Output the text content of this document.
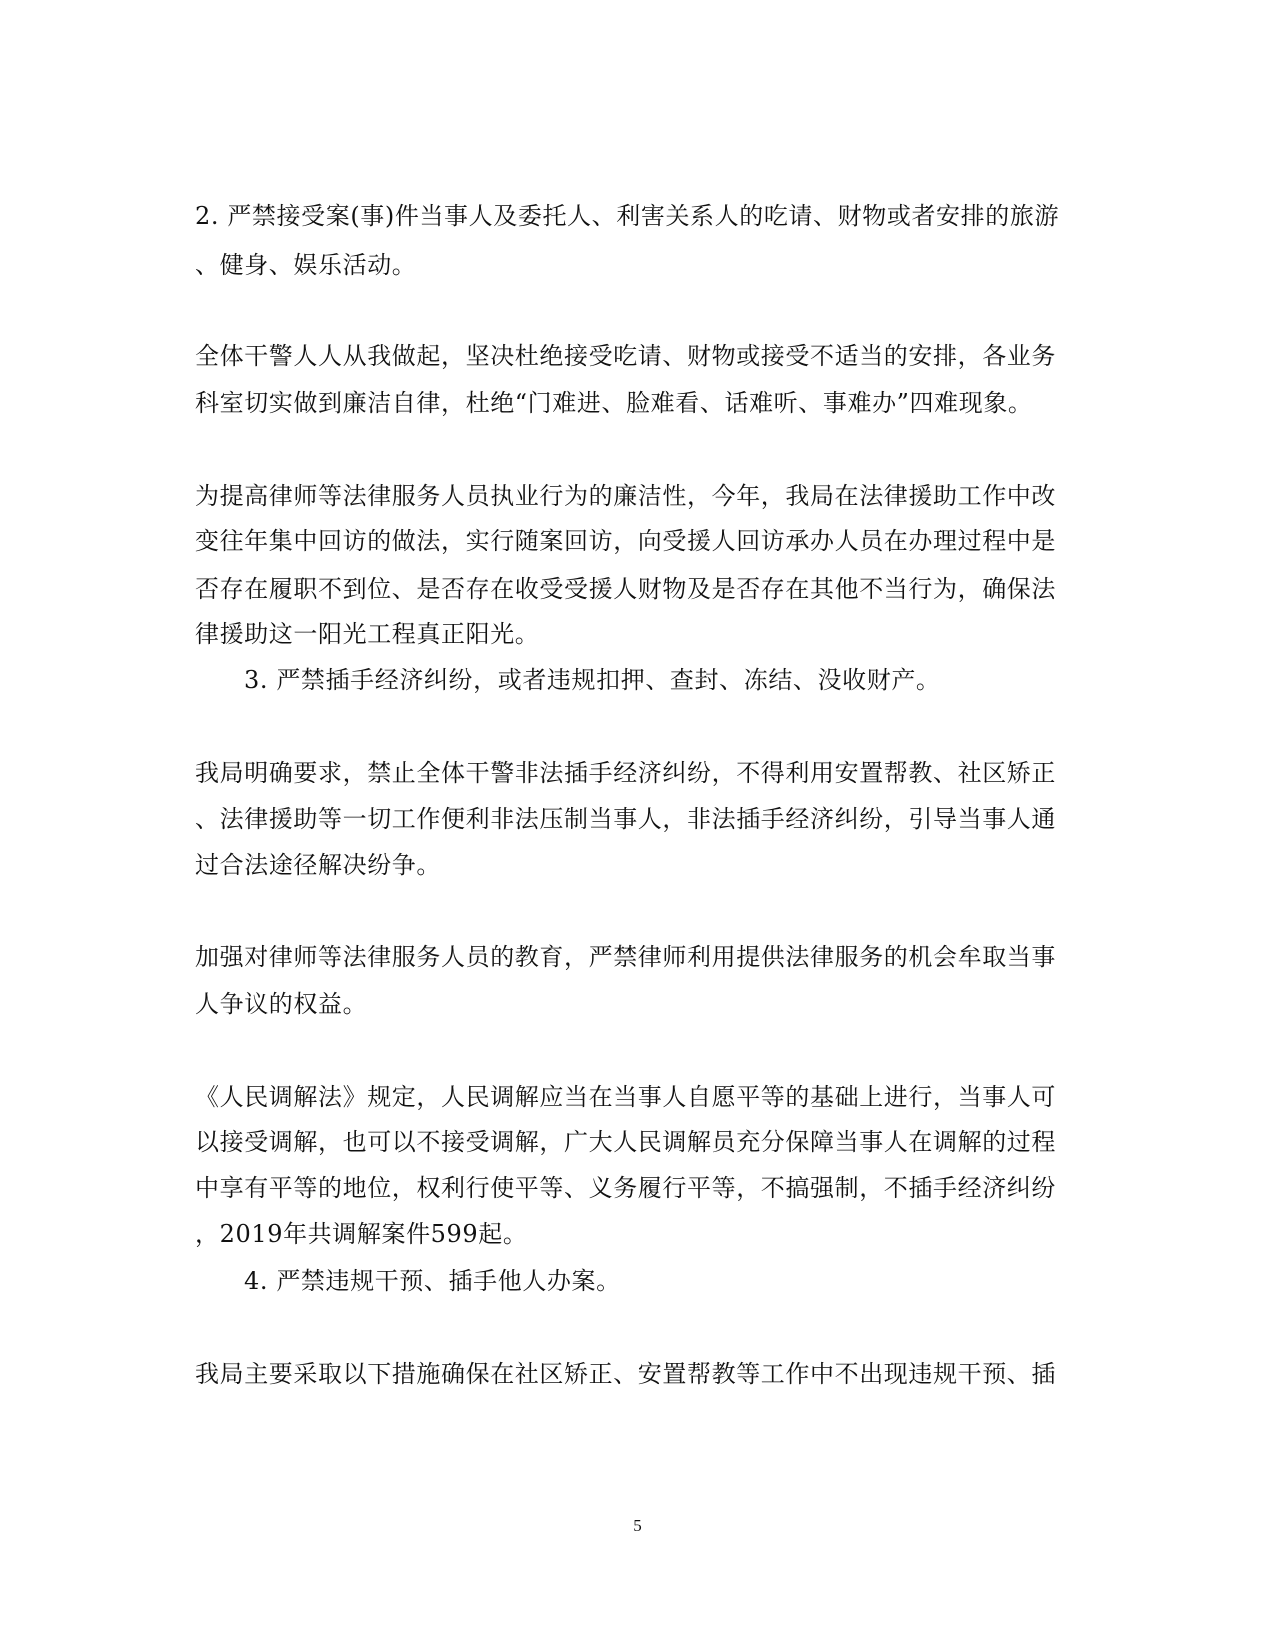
2. 严禁接受案(事)件当事人及委托人、利害关系人的吃请、财物或者安排的旅游
、健身、娱乐活动。
全体干警人人从我做起，坚决杜绝接受吃请、财物或接受不适当的安排，各业务
科室切实做到廉洁自律，杜绝“门难进、脸难看、话难听、事难办”四难现象。
为提高律师等法律服务人员执业行为的廉洁性，今年，我局在法律援助工作中改
变往年集中回访的做法，实行随案回访，向受援人回访承办人员在办理过程中是
否存在履职不到位、是否存在收受受援人财物及是否存在其他不当行为，确保法
律援助这一阳光工程真正阳光。
3. 严禁插手经济纠纷，或者违规扣押、查封、冻结、没收财产。
我局明确要求，禁止全体干警非法插手经济纠纷，不得利用安置帮教、社区矫正
、法律援助等一切工作便利非法压制当事人，非法插手经济纠纷，引导当事人通
过合法途径解决纷争。
加强对律师等法律服务人员的教育，严禁律师利用提供法律服务的机会牟取当事
人争议的权益。
《人民调解法》规定，人民调解应当在当事人自愿平等的基础上进行，当事人可
以接受调解，也可以不接受调解，广大人民调解员充分保障当事人在调解的过程
中享有平等的地位，权利行使平等、义务履行平等，不搞强制，不插手经济纠纷
，2019年共调解案件599起。
4. 严禁违规干预、插手他人办案。
我局主要采取以下措施确保在社区矫正、安置帮教等工作中不出现违规干预、插
5
